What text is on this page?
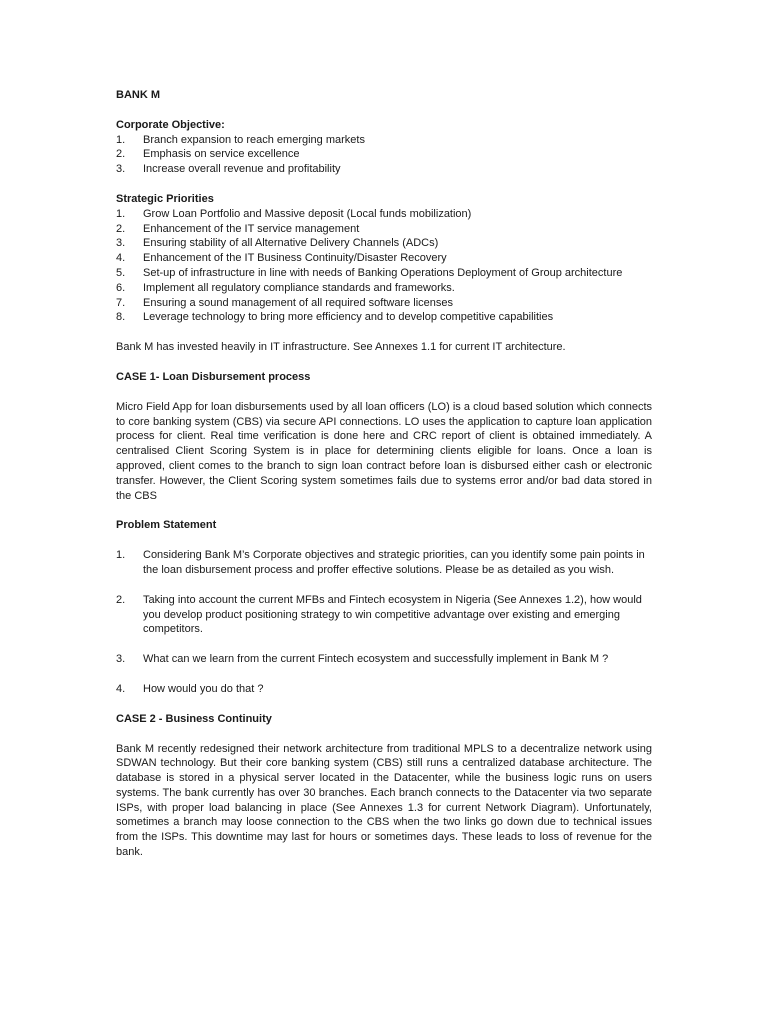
BANK M
Corporate Objective:
1. Branch expansion to reach emerging markets
2. Emphasis on service excellence
3. Increase overall revenue and profitability
Strategic Priorities
1. Grow Loan Portfolio and Massive deposit (Local funds mobilization)
2. Enhancement of the IT service management
3. Ensuring stability of all Alternative Delivery Channels (ADCs)
4. Enhancement of the IT Business Continuity/Disaster Recovery
5. Set-up of infrastructure in line with needs of Banking Operations Deployment of Group architecture
6. Implement all regulatory compliance standards and frameworks.
7. Ensuring a sound management of all required software licenses
8. Leverage technology to bring more efficiency and to develop competitive capabilities

Bank M has invested heavily in IT infrastructure. See Annexes 1.1 for current IT architecture.

CASE 1- Loan Disbursement process

Micro Field App for loan disbursements used by all loan officers (LO) is a cloud based solution which connects to core banking system (CBS) via secure API connections. LO uses the application to capture loan application process for client. Real time verification is done here and CRC report of client is obtained immediately. A centralised Client Scoring System is in place for determining clients eligible for loans. Once a loan is approved, client comes to the branch to sign loan contract before loan is disbursed either cash or electronic transfer. However, the Client Scoring system sometimes fails due to systems error and/or bad data stored in the CBS

Problem Statement
1. Considering Bank M’s Corporate objectives and strategic priorities, can you identify some pain points in the loan disbursement process and proffer effective solutions. Please be as detailed as you wish.
2. Taking into account the current MFBs and Fintech ecosystem in Nigeria (See Annexes 1.2), how would you develop product positioning strategy to win competitive advantage over existing and emerging competitors.
3. What can we learn from the current Fintech ecosystem and successfully implement in Bank M ?
4. How would you do that ?
CASE 2 - Business Continuity

Bank M recently redesigned their network architecture from traditional MPLS to a decentralize network using SDWAN technology. But their core banking system (CBS) still runs a centralized database architecture. The database is stored in a physical server located in the Datacenter, while the business logic runs on users systems. The bank currently has over 30 branches. Each branch connects to the Datacenter via two separate ISPs, with proper load balancing in place (See Annexes 1.3 for current Network Diagram). Unfortunately, sometimes a branch may loose connection to the CBS when the two links go down due to technical issues from the ISPs. This downtime may last for hours or sometimes days. These leads to loss of revenue for the bank.
